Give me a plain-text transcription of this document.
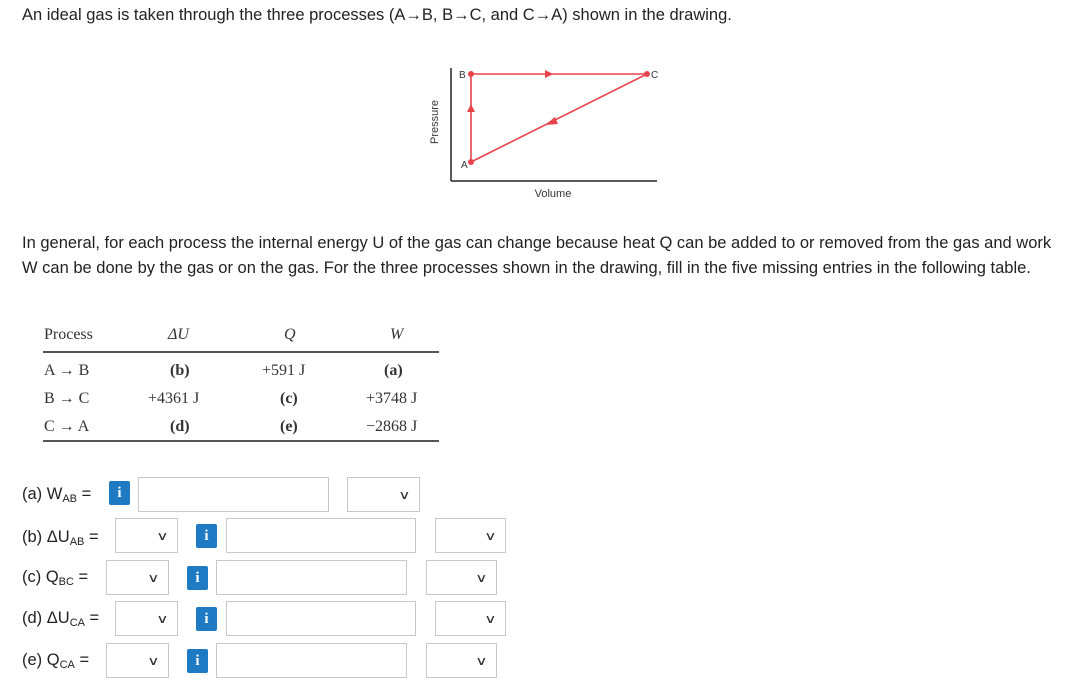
An ideal gas is taken through the three processes (A→B, B→C, and C→A) shown in the drawing.
Pressure
Volume
A
B	C
In general, for each process the internal energy U of the gas can change because heat Q can be added to or removed from the gas and work W can be done by the gas or on the gas. For the three processes shown in the drawing, fill in the five missing entries in the following table.
Process	ΔU	Q	W
A → B	(b)	+591 J	(a)
B → C	+4361 J	(c)	+3748 J
C → A	(d)	(e)	−2868 J
(a) $W_{AB}$ =	i	∨
(b) $\Delta U_{AB}$ =	∨	i	∨
(c) $Q_{BC}$ =	∨	i	∨
(d) $\Delta U_{CA}$ =	∨	i	∨
(e) $Q_{CA}$ =	∨	i	∨
